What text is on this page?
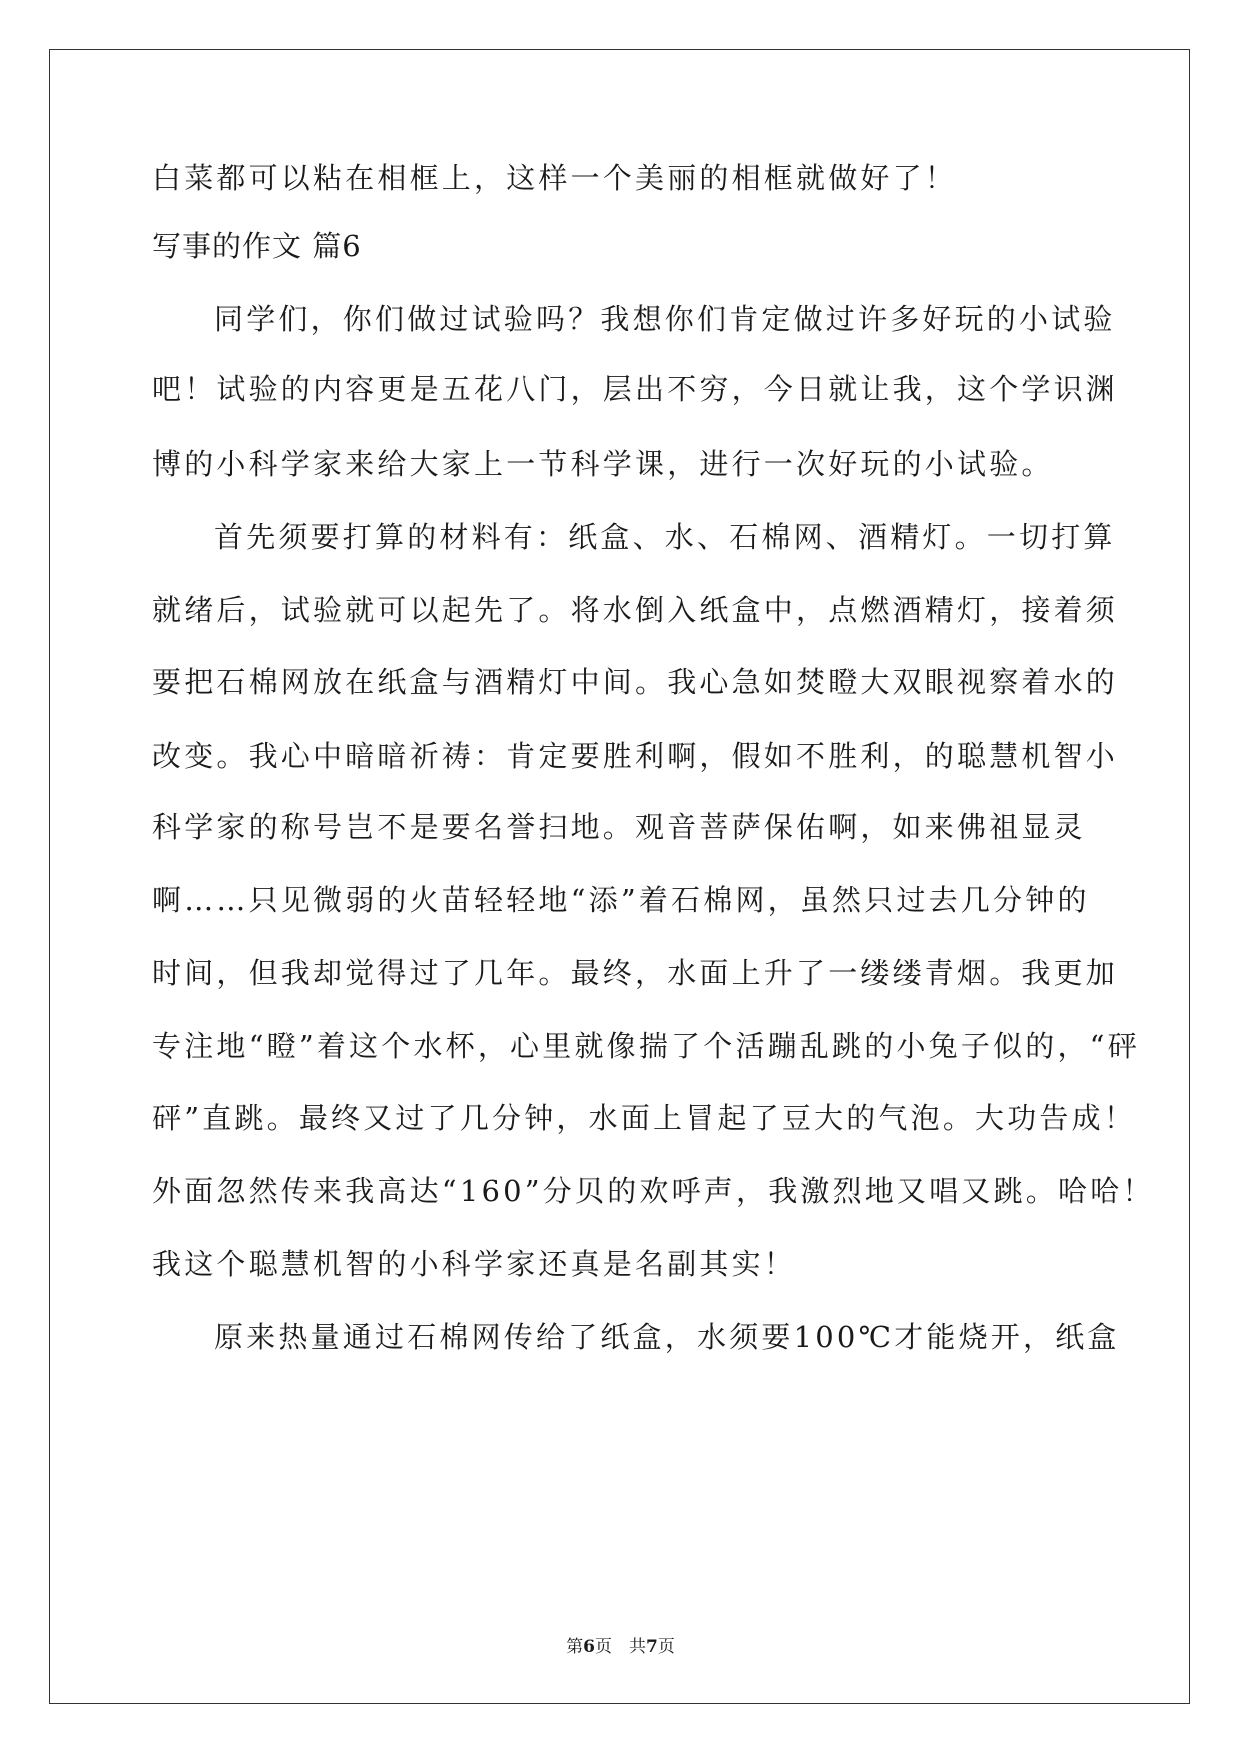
白菜都可以粘在相框上，这样一个美丽的相框就做好了！
写事的作文 篇6
同学们，你们做过试验吗？我想你们肯定做过许多好玩的小试验
吧！试验的内容更是五花八门，层出不穷，今日就让我，这个学识渊
博的小科学家来给大家上一节科学课，进行一次好玩的小试验。
首先须要打算的材料有：纸盒、水、石棉网、酒精灯。一切打算
就绪后，试验就可以起先了。将水倒入纸盒中，点燃酒精灯，接着须
要把石棉网放在纸盒与酒精灯中间。我心急如焚瞪大双眼视察着水的
改变。我心中暗暗祈祷：肯定要胜利啊，假如不胜利，的聪慧机智小
科学家的称号岂不是要名誉扫地。观音菩萨保佑啊，如来佛祖显灵
啊……只见微弱的火苗轻轻地“添”着石棉网，虽然只过去几分钟的
时间，但我却觉得过了几年。最终，水面上升了一缕缕青烟。我更加
专注地“瞪”着这个水杯，心里就像揣了个活蹦乱跳的小兔子似的，“砰
砰”直跳。最终又过了几分钟，水面上冒起了豆大的气泡。大功告成！
外面忽然传来我高达“160”分贝的欢呼声，我激烈地又唱又跳。哈哈！
我这个聪慧机智的小科学家还真是名副其实！
原来热量通过石棉网传给了纸盒，水须要100℃才能烧开，纸盒
第6页　共7页
